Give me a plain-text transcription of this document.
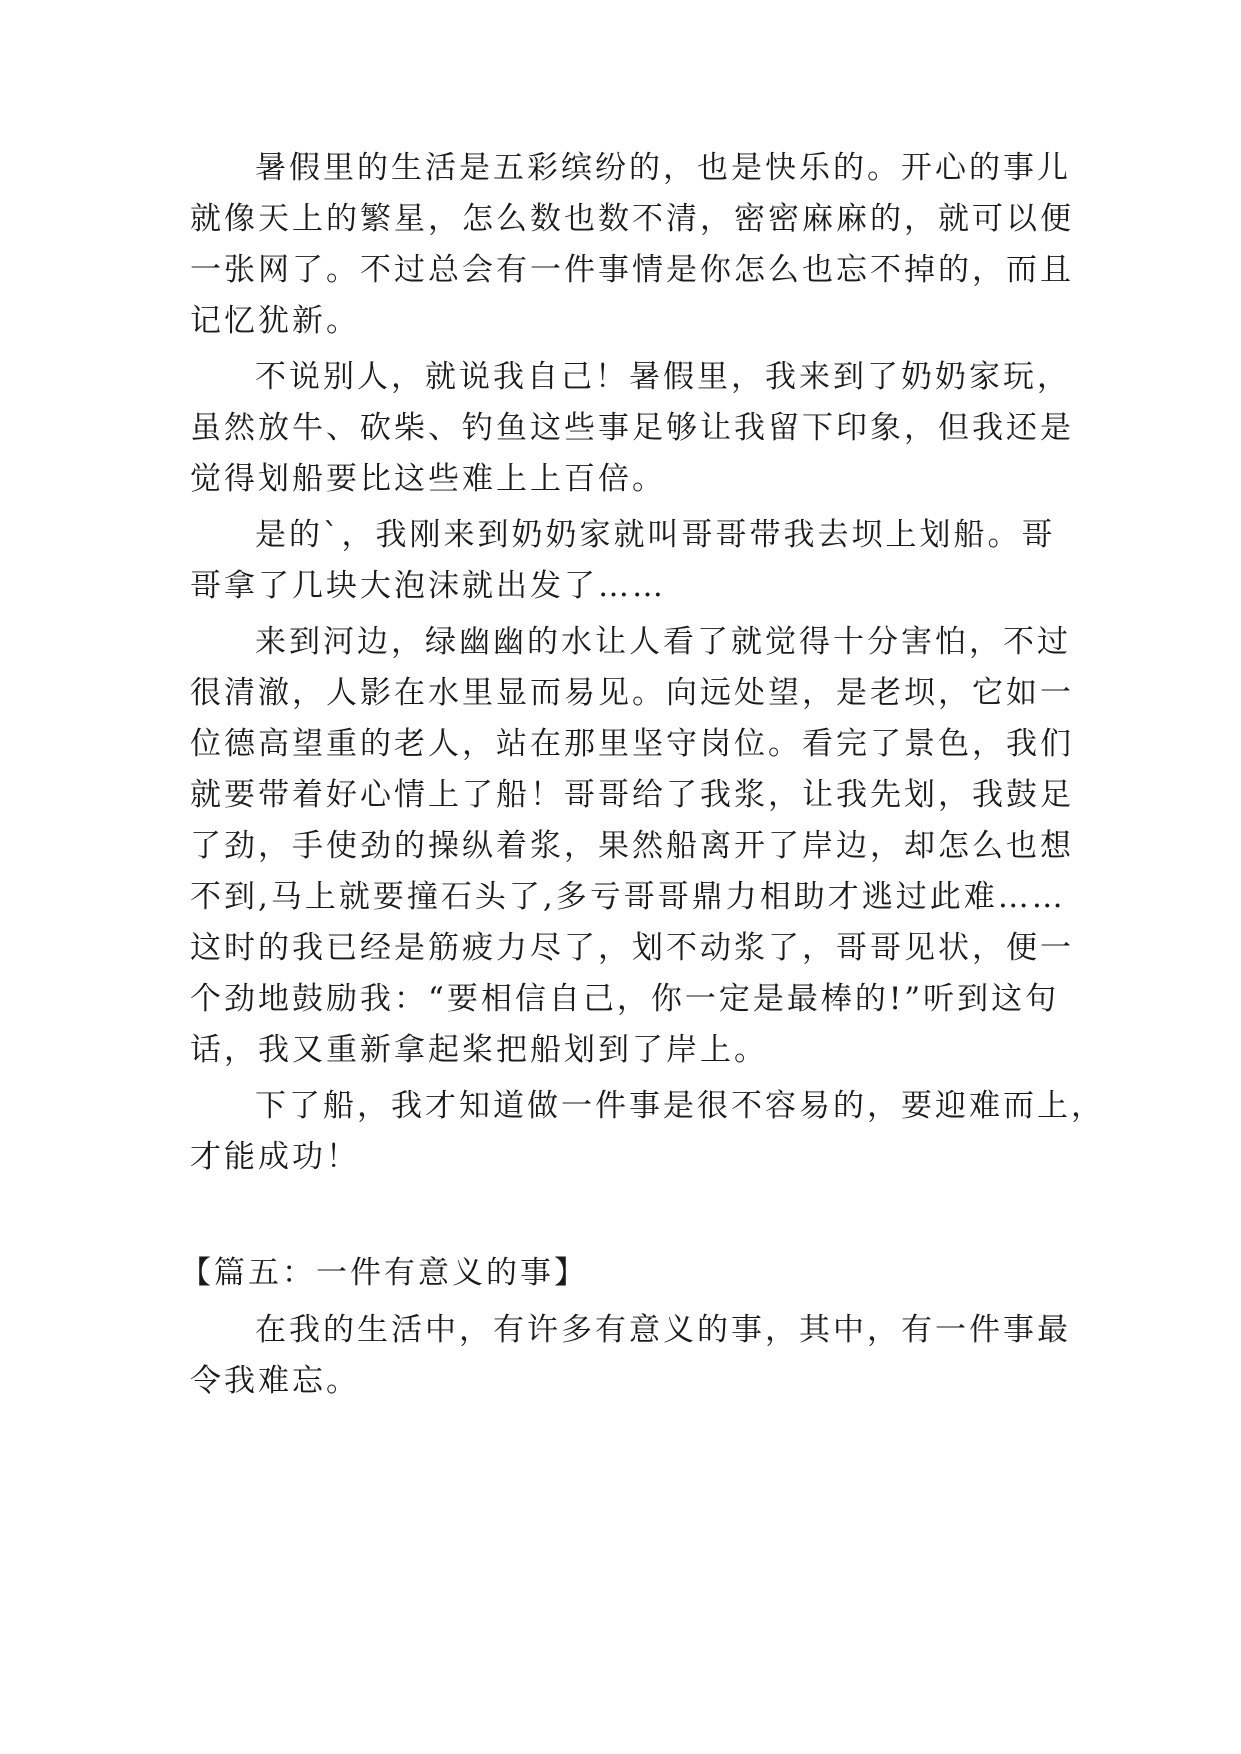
暑假里的生活是五彩缤纷的，也是快乐的。开心的事儿
就像天上的繁星，怎么数也数不清，密密麻麻的，就可以便
一张网了。不过总会有一件事情是你怎么也忘不掉的，而且
记忆犹新。
不说别人，就说我自己！暑假里，我来到了奶奶家玩，
虽然放牛、砍柴、钓鱼这些事足够让我留下印象，但我还是
觉得划船要比这些难上上百倍。
是的`，我刚来到奶奶家就叫哥哥带我去坝上划船。哥
哥拿了几块大泡沫就出发了……
来到河边，绿幽幽的水让人看了就觉得十分害怕，不过
很清澈，人影在水里显而易见。向远处望，是老坝，它如一
位德高望重的老人，站在那里坚守岗位。看完了景色，我们
就要带着好心情上了船！哥哥给了我浆，让我先划，我鼓足
了劲，手使劲的操纵着浆，果然船离开了岸边，却怎么也想
不到,马上就要撞石头了,多亏哥哥鼎力相助才逃过此难……
这时的我已经是筋疲力尽了，划不动浆了，哥哥见状，便一
个劲地鼓励我：“要相信自己，你一定是最棒的!”听到这句
话，我又重新拿起桨把船划到了岸上。
下了船，我才知道做一件事是很不容易的，要迎难而上，
才能成功！
【篇五：一件有意义的事】
在我的生活中，有许多有意义的事，其中，有一件事最
令我难忘。
